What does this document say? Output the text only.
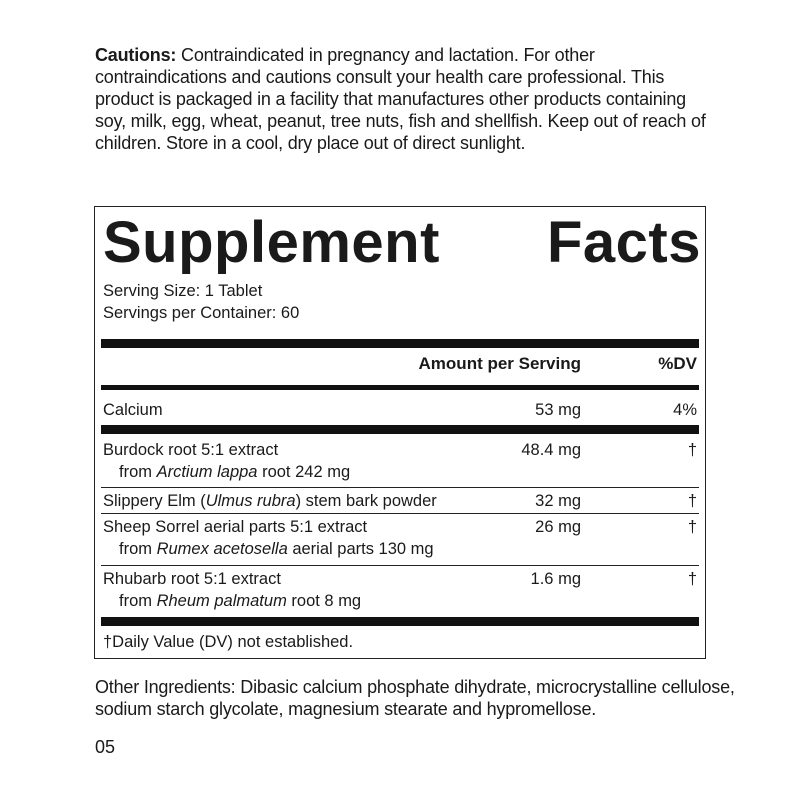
Cautions: Contraindicated in pregnancy and lactation. For other contraindications and cautions consult your health care professional. This product is packaged in a facility that manufactures other products containing soy, milk, egg, wheat, peanut, tree nuts, fish and shellfish. Keep out of reach of children. Store in a cool, dry place out of direct sunlight.
Supplement Facts
Serving Size: 1 Tablet
Servings per Container: 60
Amount per Serving	%DV
Calcium	53 mg	4%
Burdock root 5:1 extract
from Arctium lappa root 242 mg
48.4 mg	†
Slippery Elm (Ulmus rubra) stem bark powder	32 mg	†
Sheep Sorrel aerial parts 5:1 extract
from Rumex acetosella aerial parts 130 mg
26 mg	†
Rhubarb root 5:1 extract
from Rheum palmatum root 8 mg
1.6 mg	†
†Daily Value (DV) not established.
Other Ingredients: Dibasic calcium phosphate dihydrate, microcrystalline cellulose, sodium starch glycolate, magnesium stearate and hypromellose.
05
